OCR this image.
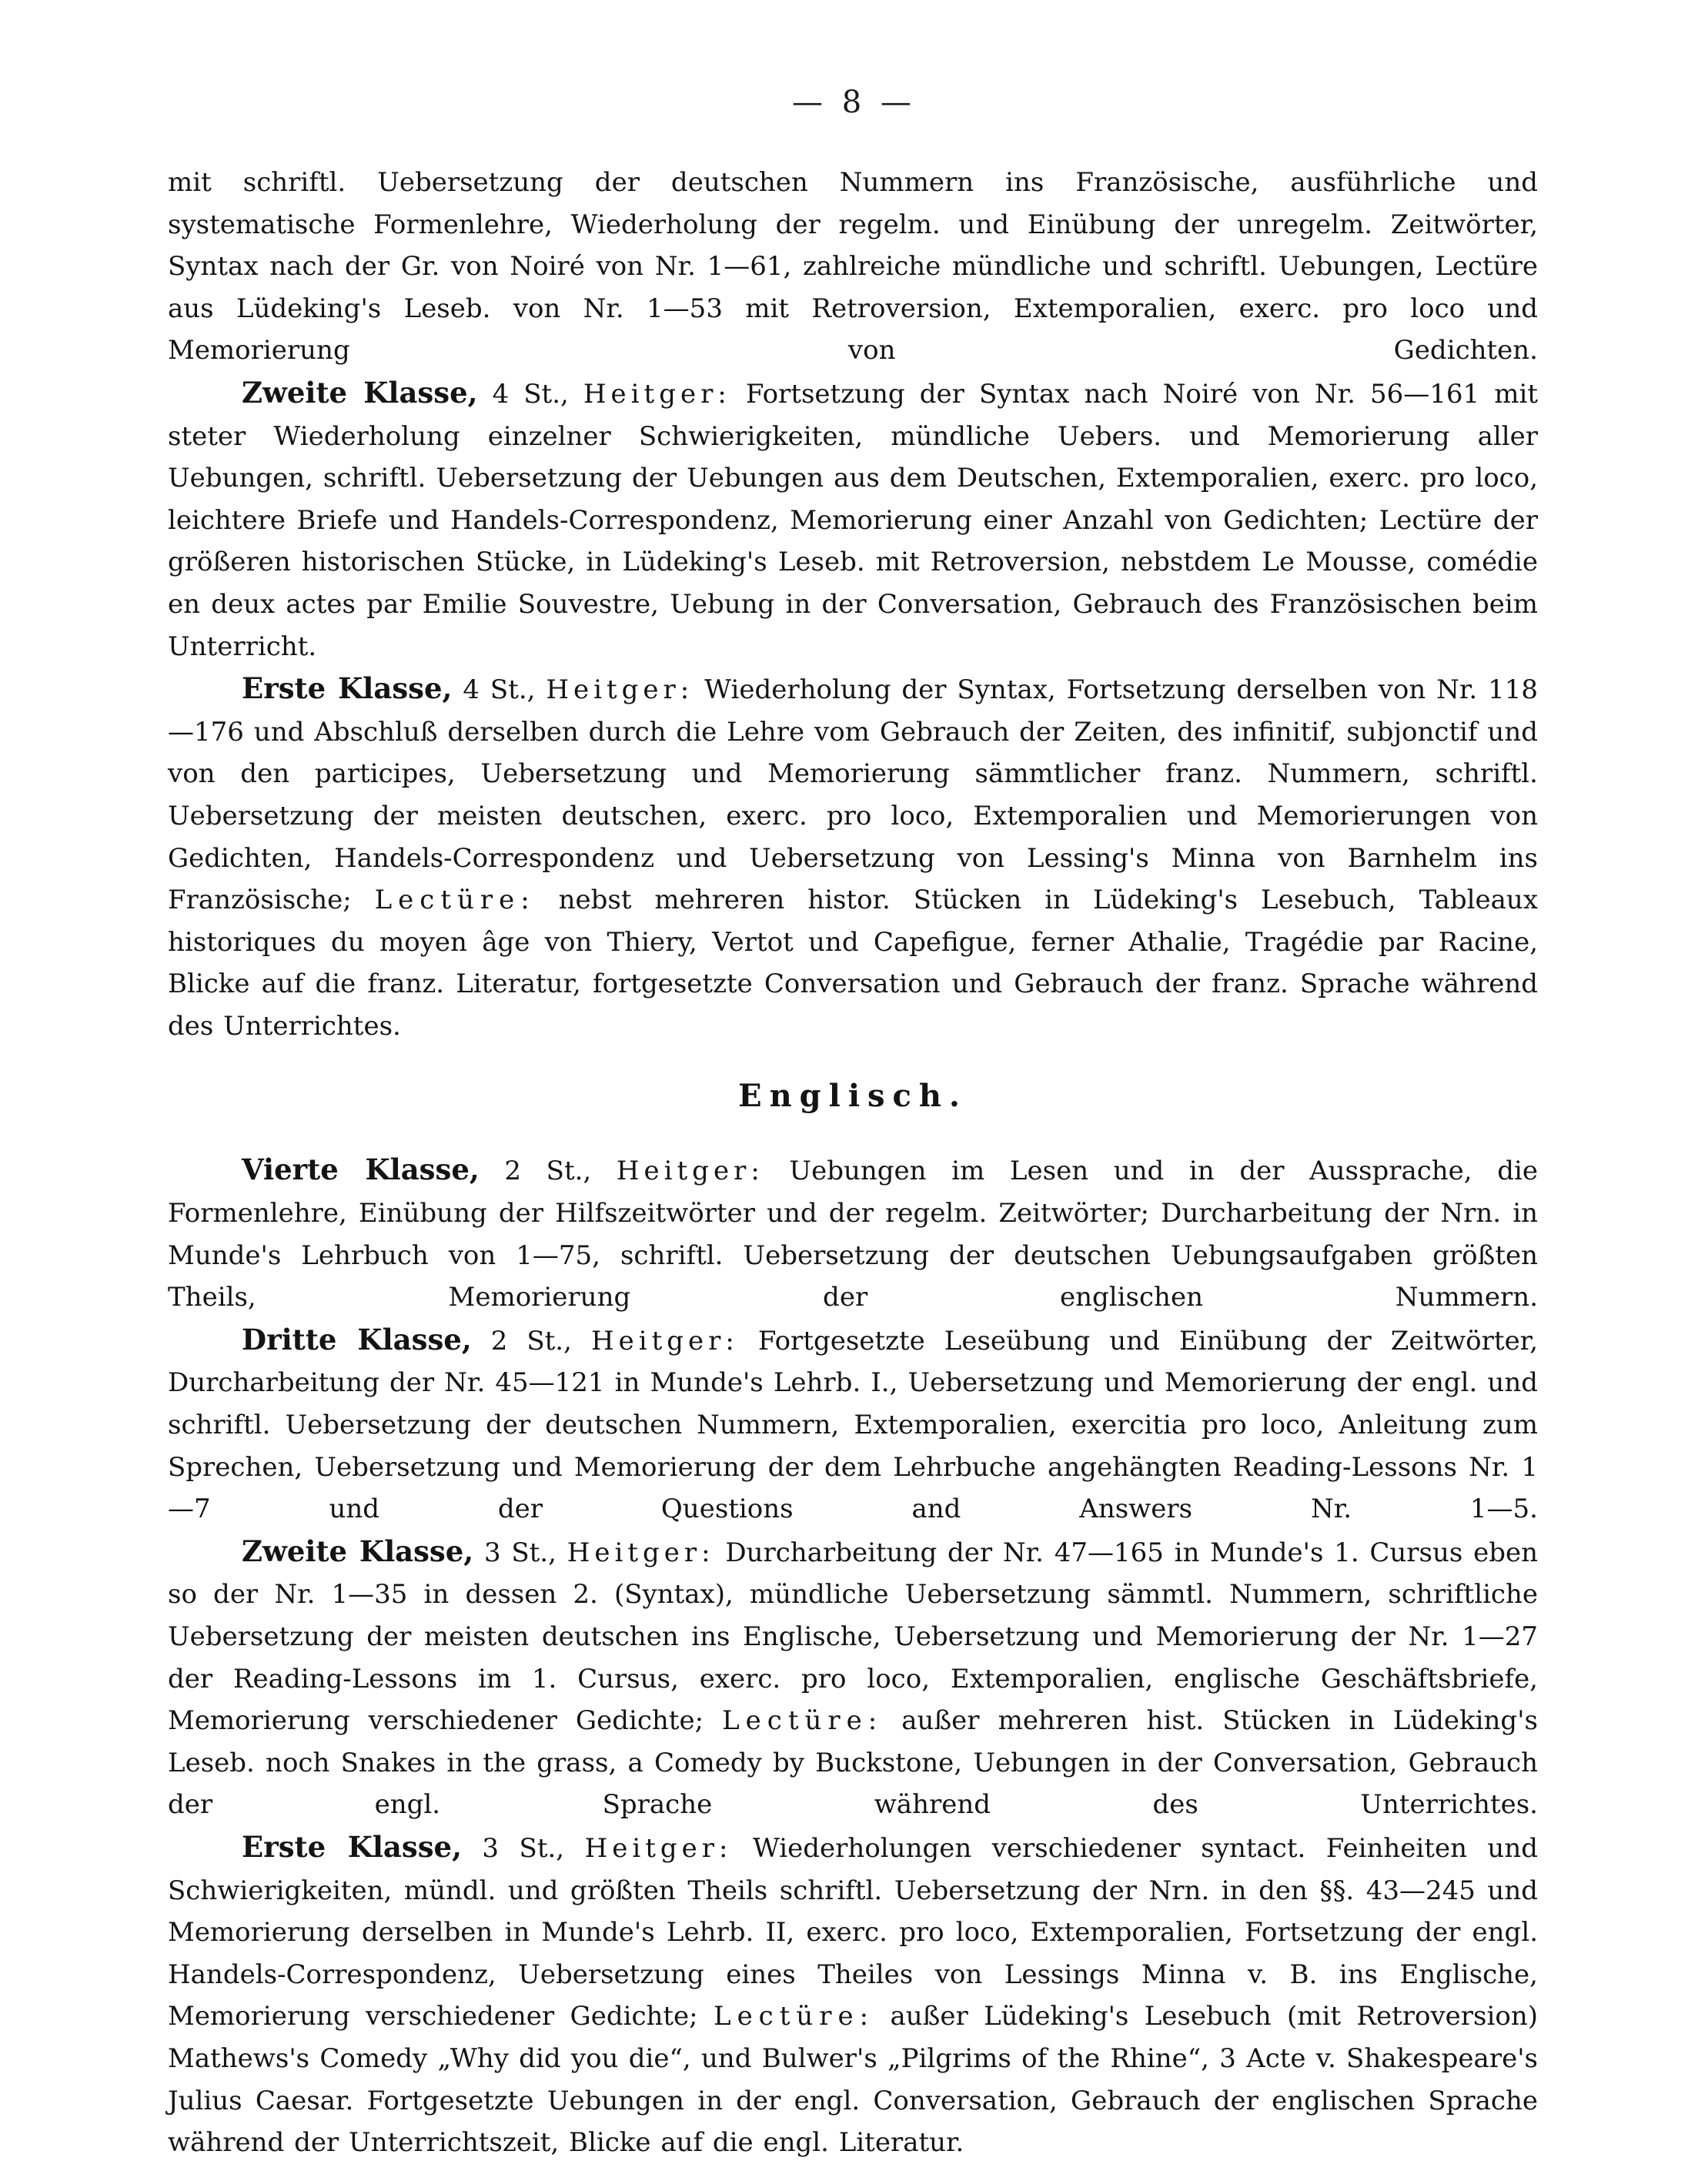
— 8 —

mit schriftl. Uebersetzung der deutschen Nummern ins Französische, ausführliche und systematische Formenlehre, Wiederholung der regelm. und Einübung der unregelm. Zeitwörter, Syntax nach der Gr. von Noiré von Nr. 1—61, zahlreiche mündliche und schriftl. Uebungen, Lectüre aus Lüdeking's Leseb. von Nr. 1—53 mit Retroversion, Extemporalien, exerc. pro loco und Memorierung von Gedichten.

Zweite Klasse, 4 St., Heitger: Fortsetzung der Syntax nach Noiré von Nr. 56—161 mit steter Wiederholung einzelner Schwierigkeiten, mündliche Uebers. und Memorierung aller Uebungen, schriftl. Uebersetzung der Uebungen aus dem Deutschen, Extemporalien, exerc. pro loco, leichtere Briefe und Handels-Correspondenz, Memorierung einer Anzahl von Gedichten; Lectüre der größeren historischen Stücke, in Lüdeking's Leseb. mit Retroversion, nebstdem Le Mousse, comédie en deux actes par Emilie Souvestre, Uebung in der Conversation, Gebrauch des Französischen beim Unterricht.

Erste Klasse, 4 St., Heitger: Wiederholung der Syntax, Fortsetzung derselben von Nr. 118—176 und Abschluß derselben durch die Lehre vom Gebrauch der Zeiten, des infinitif, subjonctif und von den participes, Uebersetzung und Memorierung sämmtlicher franz. Nummern, schriftl. Uebersetzung der meisten deutschen, exerc. pro loco, Extemporalien und Memorierungen von Gedichten, Handels-Correspondenz und Uebersetzung von Lessing's Minna von Barnhelm ins Französische; Lectüre: nebst mehreren histor. Stücken in Lüdeking's Lesebuch, Tableaux historiques du moyen âge von Thiery, Vertot und Capefigue, ferner Athalie, Tragédie par Racine, Blicke auf die franz. Literatur, fortgesetzte Conversation und Gebrauch der franz. Sprache während des Unterrichtes.

Englisch.

Vierte Klasse, 2 St., Heitger: Uebungen im Lesen und in der Aussprache, die Formenlehre, Einübung der Hilfszeitwörter und der regelm. Zeitwörter; Durcharbeitung der Nrn. in Munde's Lehrbuch von 1—75, schriftl. Uebersetzung der deutschen Uebungsaufgaben größten Theils, Memorierung der englischen Nummern.

Dritte Klasse, 2 St., Heitger: Fortgesetzte Leseübung und Einübung der Zeitwörter, Durcharbeitung der Nr. 45—121 in Munde's Lehrb. I., Uebersetzung und Memorierung der engl. und schriftl. Uebersetzung der deutschen Nummern, Extemporalien, exercitia pro loco, Anleitung zum Sprechen, Uebersetzung und Memorierung der dem Lehrbuche angehängten Reading-Lessons Nr. 1—7 und der Questions and Answers Nr. 1—5.

Zweite Klasse, 3 St., Heitger: Durcharbeitung der Nr. 47—165 in Munde's 1. Cursus eben so der Nr. 1—35 in dessen 2. (Syntax), mündliche Uebersetzung sämmtl. Nummern, schriftliche Uebersetzung der meisten deutschen ins Englische, Uebersetzung und Memorierung der Nr. 1—27 der Reading-Lessons im 1. Cursus, exerc. pro loco, Extemporalien, englische Geschäftsbriefe, Memorierung verschiedener Gedichte; Lectüre: außer mehreren hist. Stücken in Lüdeking's Leseb. noch Snakes in the grass, a Comedy by Buckstone, Uebungen in der Conversation, Gebrauch der engl. Sprache während des Unterrichtes.

Erste Klasse, 3 St., Heitger: Wiederholungen verschiedener syntact. Feinheiten und Schwierigkeiten, mündl. und größten Theils schriftl. Uebersetzung der Nrn. in den §§. 43—245 und Memorierung derselben in Munde's Lehrb. II, exerc. pro loco, Extemporalien, Fortsetzung der engl. Handels-Correspondenz, Uebersetzung eines Theiles von Lessings Minna v. B. ins Englische, Memorierung verschiedener Gedichte; Lectüre: außer Lüdeking's Lesebuch (mit Retroversion) Mathews's Comedy „Why did you die“, und Bulwer's „Pilgrims of the Rhine“, 3 Acte v. Shakespeare's Julius Caesar. Fortgesetzte Uebungen in der engl. Conversation, Gebrauch der englischen Sprache während der Unterrichtszeit, Blicke auf die engl. Literatur.
